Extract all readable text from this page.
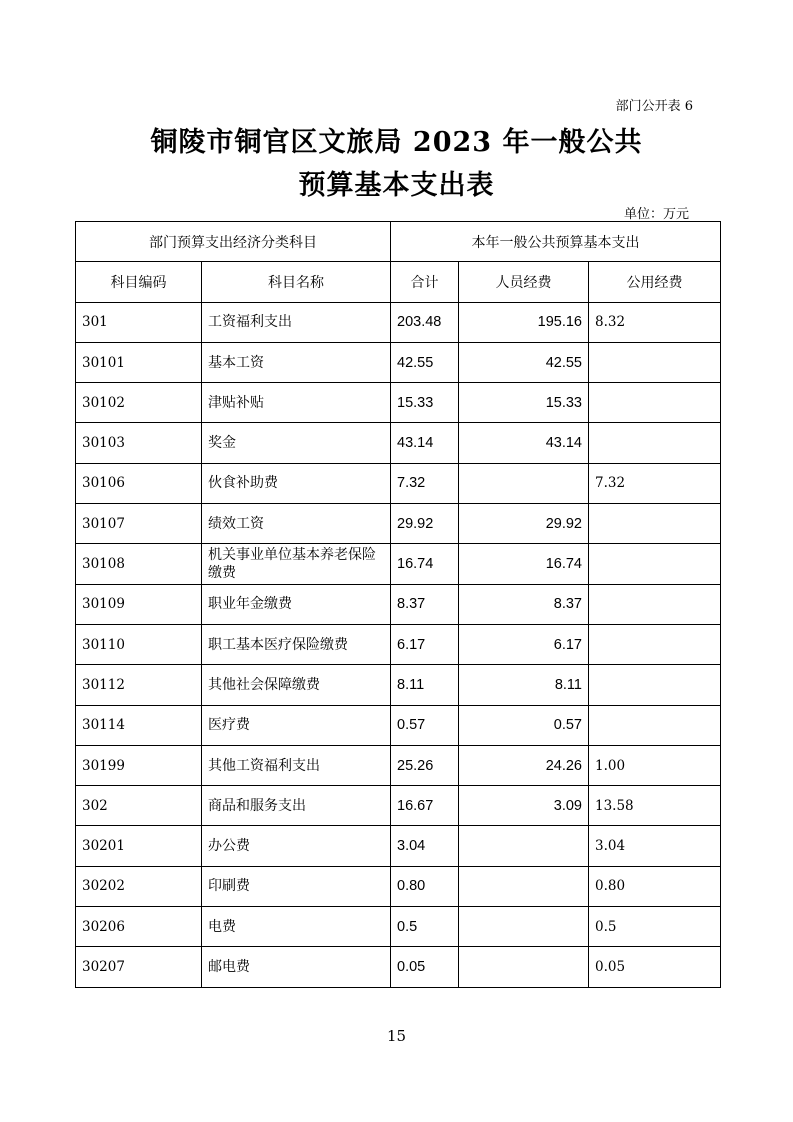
部门公开表 6
铜陵市铜官区文旅局 2023 年一般公共
预算基本支出表
单位：万元
部门预算支出经济分类科目		本年一般公共预算基本支出		
科目编码	科目名称	合计	人员经费	公用经费
301	工资福利支出	203.48	195.16	8.32
30101	基本工资	42.55	42.55	
30102	津贴补贴	15.33	15.33	
30103	奖金	43.14	43.14	
30106	伙食补助费	7.32		7.32
30107	绩效工资	29.92	29.92	
30108	机关事业单位基本养老保险缴费	16.74	16.74	
30109	职业年金缴费	8.37	8.37	
30110	职工基本医疗保险缴费	6.17	6.17	
30112	其他社会保障缴费	8.11	8.11	
30114	医疗费	0.57	0.57	
30199	其他工资福利支出	25.26	24.26	1.00
302	商品和服务支出	16.67	3.09	13.58
30201	办公费	3.04		3.04
30202	印刷费	0.80		0.80
30206	电费	0.5		0.5
30207	邮电费	0.05		0.05
15
